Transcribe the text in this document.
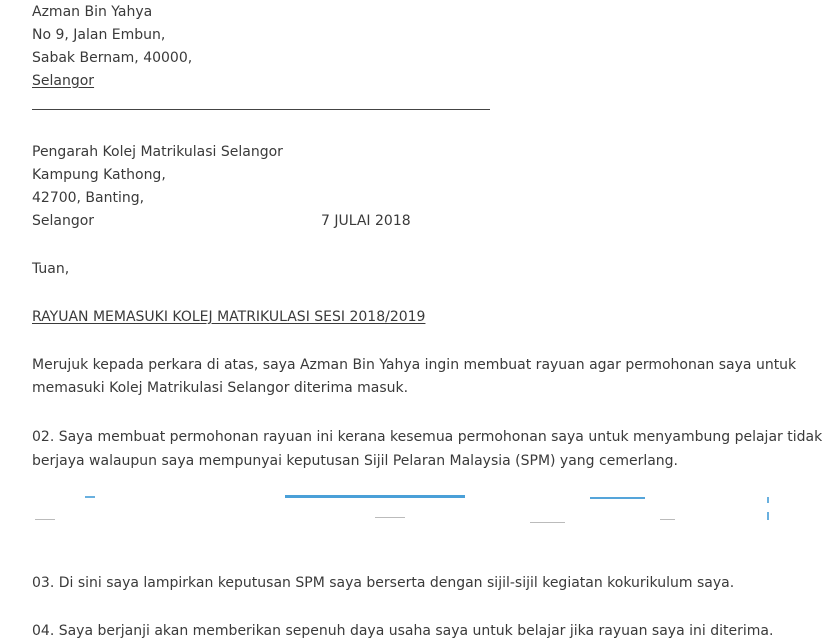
Azman Bin Yahya
No 9, Jalan Embun,
Sabak Bernam, 40000,
Selangor
Pengarah Kolej Matrikulasi Selangor
Kampung Kathong,
42700, Banting,
Selangor	7 JULAI 2018
Tuan,
RAYUAN MEMASUKI KOLEJ MATRIKULASI SESI 2018/2019
Merujuk kepada perkara di atas, saya Azman Bin Yahya ingin membuat rayuan agar permohonan saya untuk
memasuki Kolej Matrikulasi Selangor diterima masuk.
02. Saya membuat permohonan rayuan ini kerana kesemua permohonan saya untuk menyambung pelajar tidak
berjaya walaupun saya mempunyai keputusan Sijil Pelaran Malaysia (SPM) yang cemerlang.
03. Di sini saya lampirkan keputusan SPM saya berserta dengan sijil-sijil kegiatan kokurikulum saya.
04. Saya berjanji akan memberikan sepenuh daya usaha saya untuk belajar jika rayuan saya ini diterima.
